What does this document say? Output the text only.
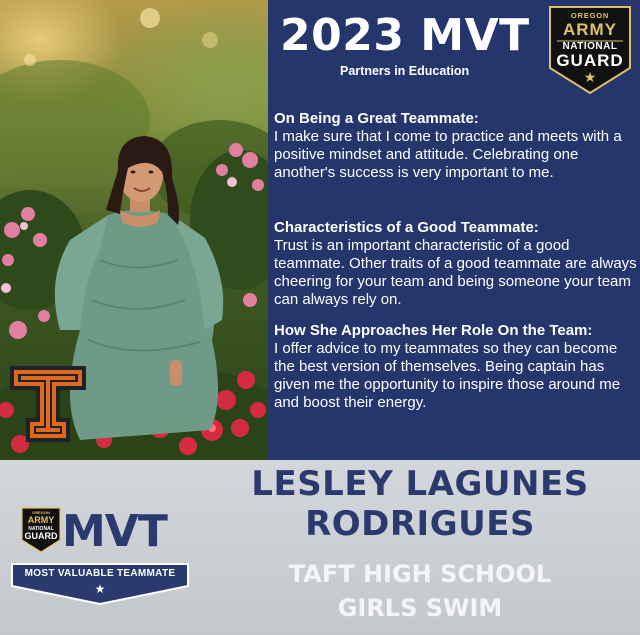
2023 MVT
Partners in Education
OREGON
ARMY
NATIONAL
GUARD
★
On Being a Great Teammate:
I make sure that I come to practice and meets with a positive mindset and attitude. Celebrating one another's success is very important to me.
Characteristics of a Good Teammate:
Trust is an important characteristic of a good teammate. Other traits of a good teammate are always cheering for your team and being someone your team can always rely on.
How She Approaches Her Role On the Team:
I offer advice to my teammates so they can become the best version of themselves. Being captain has given me the opportunity to inspire those around me and boost their energy.
OREGON
ARMY
NATIONAL
GUARD MVT
MOST VALUABLE TEAMMATE
★
LESLEY LAGUNES
RODRIGUES
TAFT HIGH SCHOOL
GIRLS SWIM
